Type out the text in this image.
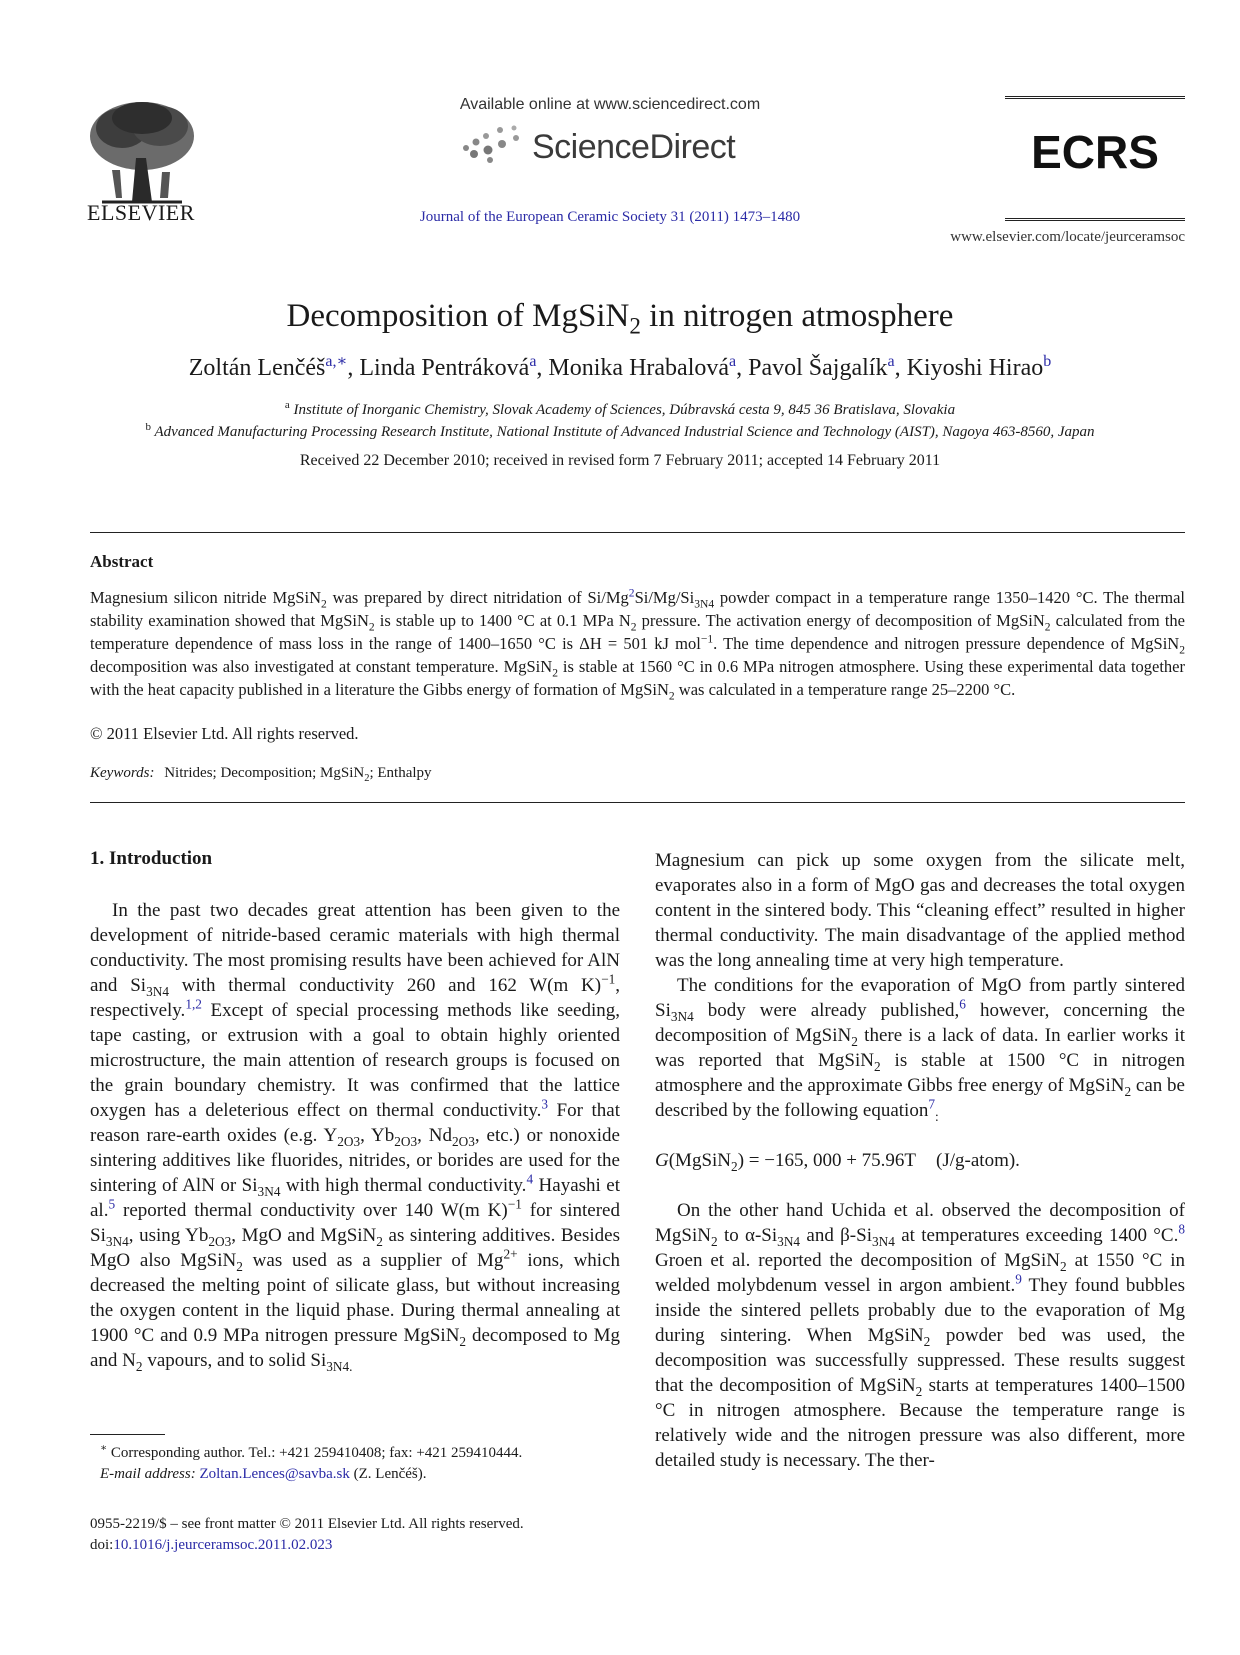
ELSEVIER
Available online at www.sciencedirect.com
ScienceDirect
Journal of the European Ceramic Society 31 (2011) 1473–1480
ECRS
www.elsevier.com/locate/jeurceramsoc
Decomposition of MgSiN$_2$ in nitrogen atmosphere
Zoltán Lenčéš$^{a,∗}$, Linda Pentráková$^a$, Monika Hrabalová$^a$, Pavol Šajgalík$^a$, Kiyoshi Hirao$^b$
$^a$ Institute of Inorganic Chemistry, Slovak Academy of Sciences, Dúbravská cesta 9, 845 36 Bratislava, Slovakia
$^b$ Advanced Manufacturing Processing Research Institute, National Institute of Advanced Industrial Science and Technology (AIST), Nagoya 463-8560, Japan
Received 22 December 2010; received in revised form 7 February 2011; accepted 14 February 2011
Abstract
Magnesium silicon nitride MgSiN$_2$ was prepared by direct nitridation of $Si/Mg^2Si/Mg/Si_{3N4}$ powder compact in a temperature range 1350–1420 °C. The thermal stability examination showed that MgSiN$_2$ is stable up to 1400 °C at 0.1 MPa $N_2$ pressure. The activation energy of decomposition of MgSiN$_2$ calculated from the temperature dependence of mass loss in the range of 1400–1650 °C is ΔH = 501 kJ mol$^{-1}$. The time dependence and nitrogen pressure dependence of MgSiN$_2$ decomposition was also investigated at constant temperature. MgSiN$_2$ is stable at 1560 °C in 0.6 MPa nitrogen atmosphere. Using these experimental data together with the heat capacity published in a literature the Gibbs energy of formation of MgSiN$_2$ was calculated in a temperature range 25–2200 °C.
© 2011 Elsevier Ltd. All rights reserved.
Keywords: Nitrides; Decomposition; MgSiN$_2$; Enthalpy
1. Introduction

In the past two decades great attention has been given to the development of nitride-based ceramic materials with high thermal conductivity. The most promising results have been achieved for AlN and $Si_{3N4}$ with thermal conductivity 260 and 162 W(m K)$^{-1}$, respectively.$^{1,2}$ Except of special processing methods like seeding, tape casting, or extrusion with a goal to obtain highly oriented microstructure, the main attention of research groups is focused on the grain boundary chemistry. It was confirmed that the lattice oxygen has a deleterious effect on thermal conductivity.$^3$ For that reason rare-earth oxides (e.g. $Y_{2O3}$, $Yb_{2O3}$, $Nd_{2O3}$, etc.) or nonoxide sintering additives like fluorides, nitrides, or borides are used for the sintering of AlN or $Si_{3N4}$ with high thermal conductivity.$^4$ Hayashi et al.$^5$ reported thermal conductivity over 140 W(m K)$^{-1}$ for sintered $Si_{3N4}$, using $Yb_{2O3}$, MgO and MgSiN$_2$ as sintering additives. Besides MgO also MgSiN$_2$ was used as a supplier of $Mg^{2+}$ ions, which decreased the melting point of silicate glass, but without increasing the oxygen content in the liquid phase. During thermal annealing at 1900 °C and 0.9 MPa nitrogen pressure MgSiN$_2$ decomposed to Mg and $N_2$ vapours, and to solid $Si_{3N4.}$

Magnesium can pick up some oxygen from the silicate melt, evaporates also in a form of MgO gas and decreases the total oxygen content in the sintered body. This “cleaning effect” resulted in higher thermal conductivity. The main disadvantage of the applied method was the long annealing time at very high temperature.

The conditions for the evaporation of MgO from partly sintered $Si_{3N4}$ body were already published,$^6$ however, concerning the decomposition of MgSiN$_2$ there is a lack of data. In earlier works it was reported that MgSiN$_2$ is stable at 1500 °C in nitrogen atmosphere and the approximate Gibbs free energy of MgSiN$_2$ can be described by the following equation$^7_:$

G(MgSiN$_2$) = −165, 000 + 75.96T (J/g-atom).

On the other hand Uchida et al. observed the decomposition of MgSiN$_2$ to $\alpha-Si_{3N4}$ and $\beta-Si_{3N4}$ at temperatures exceeding 1400 °C.$^8$ Groen et al. reported the decomposition of MgSiN$_2$ at 1550 °C in welded molybdenum vessel in argon ambient.$^9$ They found bubbles inside the sintered pellets probably due to the evaporation of Mg during sintering. When MgSiN$_2$ powder bed was used, the decomposition was successfully suppressed. These results suggest that the decomposition of MgSiN$_2$ starts at temperatures 1400–1500 °C in nitrogen atmosphere. Because the temperature range is relatively wide and the nitrogen pressure was also different, more detailed study is necessary. The ther-

∗ Corresponding author. Tel.: +421 259410408; fax: +421 259410444.
E-mail address: Zoltan.Lences@savba.sk (Z. Lenčéš).
0955-2219/$ – see front matter © 2011 Elsevier Ltd. All rights reserved.
doi:10.1016/j.jeurceramsoc.2011.02.023
